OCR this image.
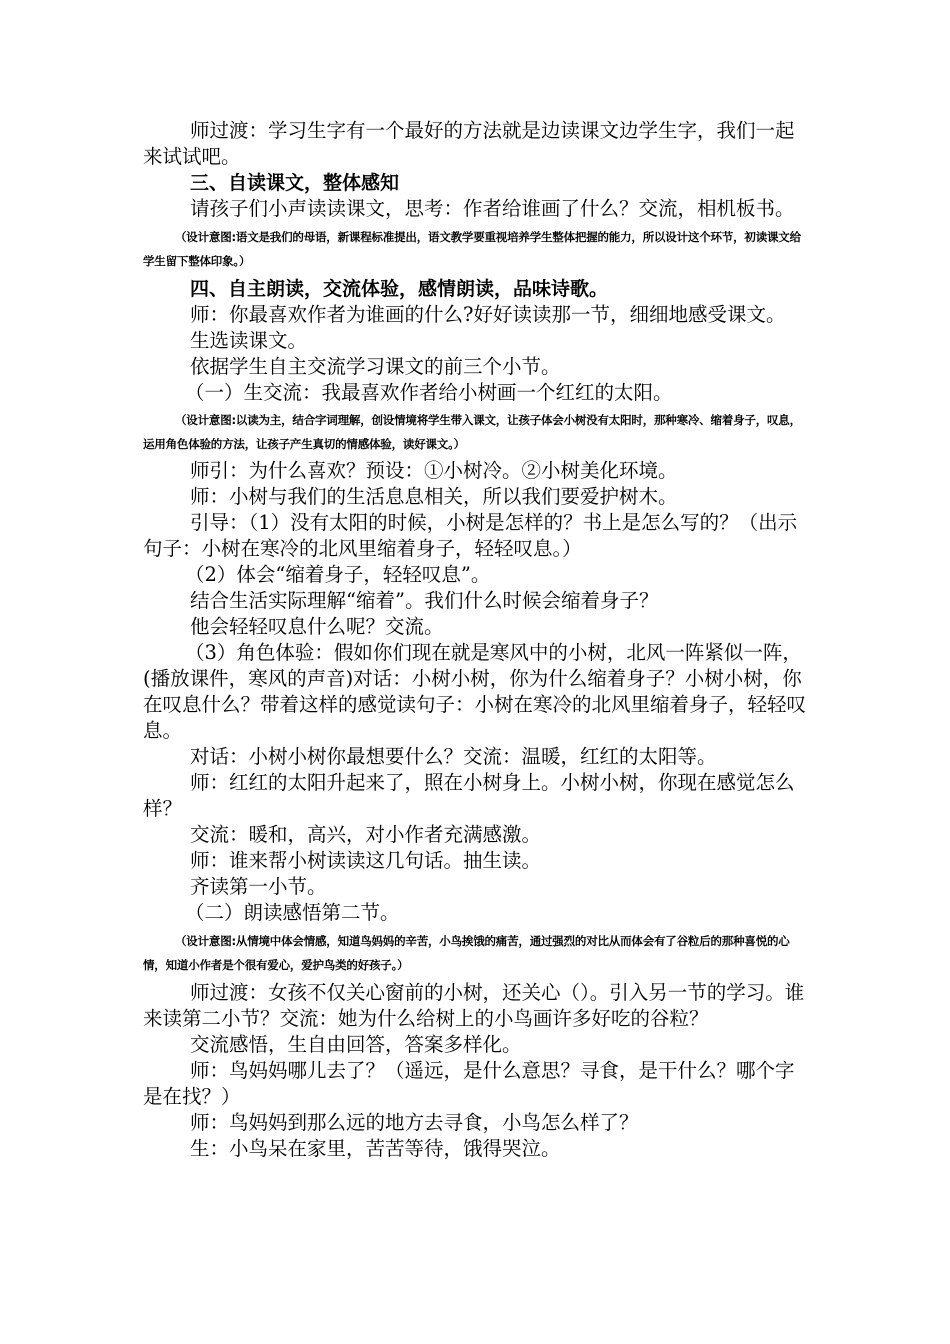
师过渡：学习生字有一个最好的方法就是边读课文边学生字，我们一起来试试吧。

三、自读课文，整体感知

请孩子们小声读读课文，思考：作者给谁画了什么？交流，相机板书。

（设计意图:语文是我们的母语，新课程标准提出，语文教学要重视培养学生整体把握的能力，所以设计这个环节，初读课文给学生留下整体印象。）

四、自主朗读，交流体验，感情朗读，品味诗歌。

师：你最喜欢作者为谁画的什么?好好读读那一节，细细地感受课文。

生选读课文。

依据学生自主交流学习课文的前三个小节。

（一）生交流：我最喜欢作者给小树画一个红红的太阳。

（设计意图:以读为主，结合字词理解，创设情境将学生带入课文，让孩子体会小树没有太阳时，那种寒冷、缩着身子，叹息，运用角色体验的方法，让孩子产生真切的情感体验，读好课文。）

师引：为什么喜欢？预设：①小树冷。②小树美化环境。

师：小树与我们的生活息息相关，所以我们要爱护树木。

引导：（1）没有太阳的时候，小树是怎样的？书上是怎么写的？（出示句子：小树在寒冷的北风里缩着身子，轻轻叹息。）

（2）体会“缩着身子，轻轻叹息”。

结合生活实际理解“缩着”。我们什么时候会缩着身子？

他会轻轻叹息什么呢？交流。

（3）角色体验：假如你们现在就是寒风中的小树，北风一阵紧似一阵，(播放课件，寒风的声音)对话：小树小树，你为什么缩着身子？小树小树，你在叹息什么？带着这样的感觉读句子：小树在寒冷的北风里缩着身子，轻轻叹息。

对话：小树小树你最想要什么？交流：温暖，红红的太阳等。

师：红红的太阳升起来了，照在小树身上。小树小树，你现在感觉怎么样？

交流：暖和，高兴，对小作者充满感激。

师：谁来帮小树读读这几句话。抽生读。

齐读第一小节。

（二）朗读感悟第二节。

（设计意图:从情境中体会情感，知道鸟妈妈的辛苦，小鸟挨饿的痛苦，通过强烈的对比从而体会有了谷粒后的那种喜悦的心情，知道小作者是个很有爱心，爱护鸟类的好孩子。）

师过渡：女孩不仅关心窗前的小树，还关心（）。引入另一节的学习。谁来读第二小节？交流：她为什么给树上的小鸟画许多好吃的谷粒？

交流感悟，生自由回答，答案多样化。

师：鸟妈妈哪儿去了？（遥远，是什么意思？寻食，是干什么？哪个字是在找？）

师：鸟妈妈到那么远的地方去寻食，小鸟怎么样了？

生：小鸟呆在家里，苦苦等待，饿得哭泣。
